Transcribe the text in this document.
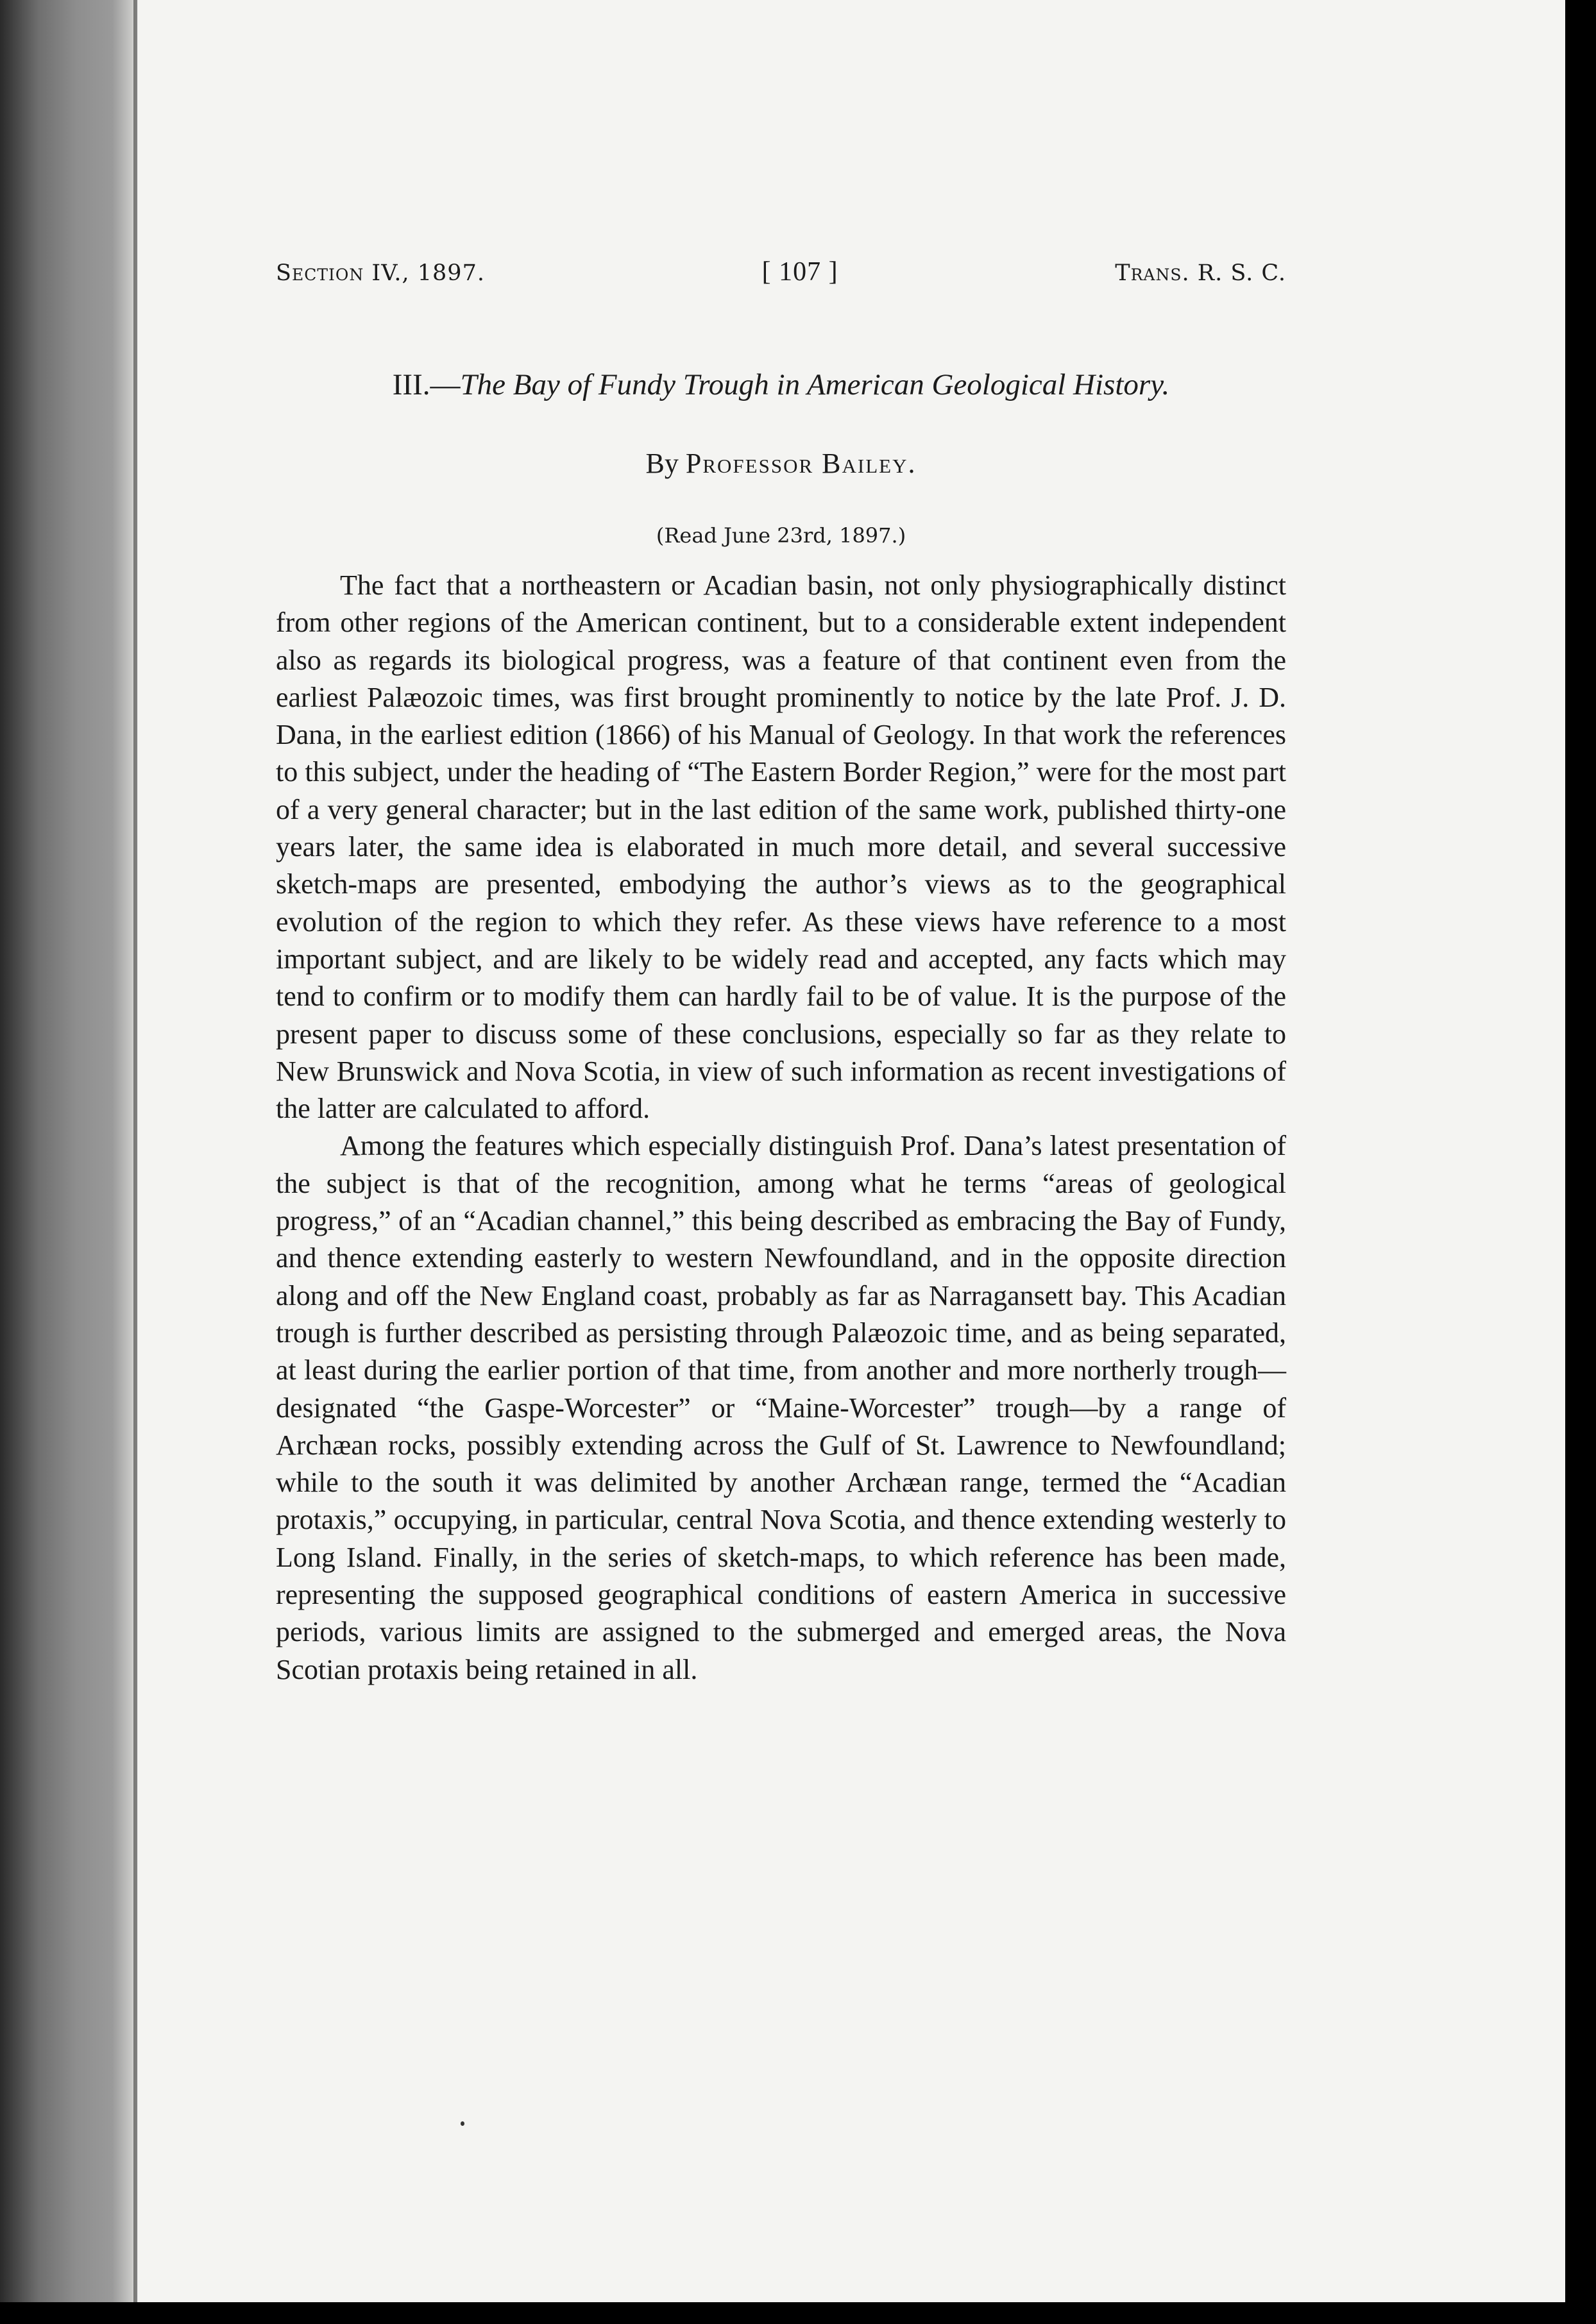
Section IV., 1897.	[ 107 ]	Trans. R. S. C.
III.—The Bay of Fundy Trough in American Geological History.
By Professor Bailey.
(Read June 23rd, 1897.)

The fact that a northeastern or Acadian basin, not only physiographically distinct from other regions of the American continent, but to a considerable extent independent also as regards its biological progress, was a feature of that continent even from the earliest Palæozoic times, was first brought prominently to notice by the late Prof. J. D. Dana, in the earliest edition (1866) of his Manual of Geology. In that work the references to this subject, under the heading of “The Eastern Border Region,” were for the most part of a very general character; but in the last edition of the same work, published thirty-one years later, the same idea is elaborated in much more detail, and several successive sketch-maps are presented, embodying the author’s views as to the geographical evolution of the region to which they refer. As these views have reference to a most important subject, and are likely to be widely read and accepted, any facts which may tend to confirm or to modify them can hardly fail to be of value. It is the purpose of the present paper to discuss some of these conclusions, especially so far as they relate to New Brunswick and Nova Scotia, in view of such information as recent investigations of the latter are calculated to afford.

Among the features which especially distinguish Prof. Dana’s latest presentation of the subject is that of the recognition, among what he terms “areas of geological progress,” of an “Acadian channel,” this being described as embracing the Bay of Fundy, and thence extending easterly to western Newfoundland, and in the opposite direction along and off the New England coast, probably as far as Narragansett bay. This Acadian trough is further described as persisting through Palæozoic time, and as being separated, at least during the earlier portion of that time, from another and more northerly trough—designated “the Gaspe-Worcester” or “Maine-Worcester” trough—by a range of Archæan rocks, possibly extending across the Gulf of St. Lawrence to Newfoundland; while to the south it was delimited by another Archæan range, termed the “Acadian protaxis,” occupying, in particular, central Nova Scotia, and thence extending westerly to Long Island. Finally, in the series of sketch-maps, to which reference has been made, representing the supposed geographical conditions of eastern America in successive periods, various limits are assigned to the submerged and emerged areas, the Nova Scotian protaxis being retained in all.
